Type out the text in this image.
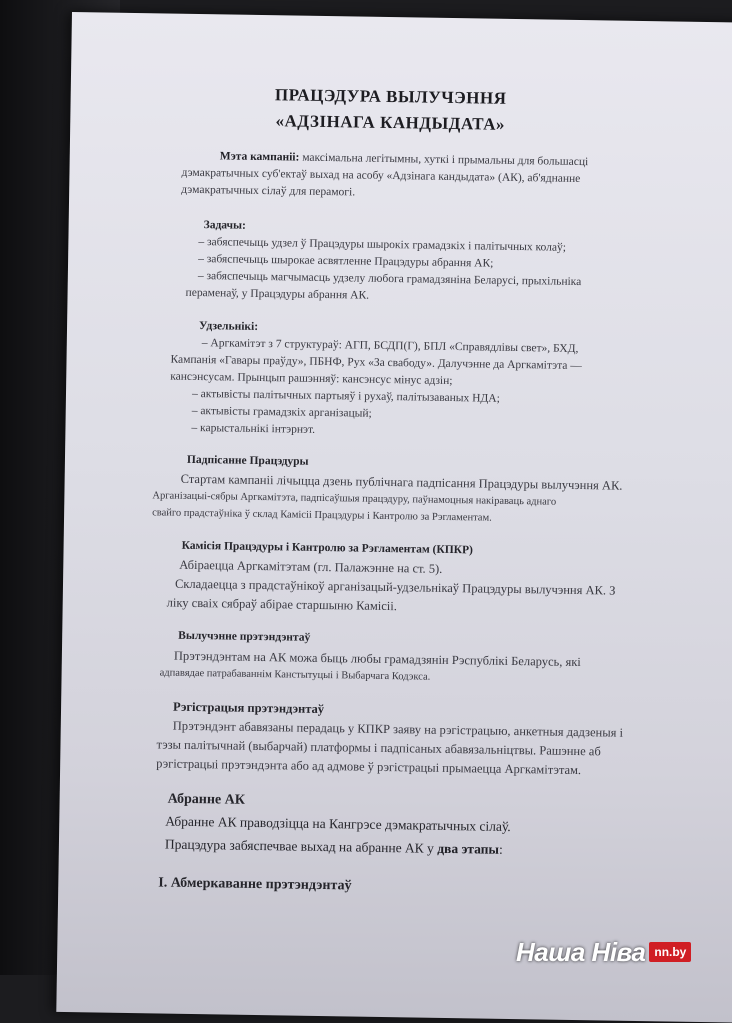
ПРАЦЭДУРА ВЫЛУЧЭННЯ
«АДЗІНАГА КАНДЫДАТА»
Мэта кампаніі: максімальна легітымны, хуткі і прымальны для большасці
дэмакратычных суб'ектаў выхад на асобу «Адзінага кандыдата» (АК), аб'яднанне
дэмакратычных сілаў для перамогі.
Задачы:
– забяспечыць удзел ў Працэдуры шырокіх грамадзкіх і палітычных колаў;
– забяспечыць шырокае асвятленне Працэдуры абрання АК;
– забяспечыць магчымасць удзелу любога грамадзяніна Беларусі, прыхільніка
пераменаў, у Працэдуры абрання АК.
Удзельнікі:
– Аргкамітэт з 7 структураў: АГП, БСДП(Г), БПЛ «Справядлівы свет», БХД,
Кампанія «Гавары праўду», ПБНФ, Рух «За свабоду». Далучэнне да Аргкамітэта —
кансэнсусам. Прынцып рашэнняў: кансэнсус мінус адзін;
– актывісты палітычных партыяў і рухаў, палітызаваных НДА;
– актывісты грамадзкіх арганізацый;
– карыстальнікі інтэрнэт.
Падпісанне Працэдуры
Стартам кампаніі лічыцца дзень публічнага падпісання Працэдуры вылучэння АК.
Арганізацыі-сябры Аргкамітэта, падпісаўшыя працэдуру, паўнамоцныя накіраваць аднаго
свайго прадстаўніка ў склад Камісіі Працэдуры і Кантролю за Рэгламентам.
Камісія Працэдуры і Кантролю за Рэгламентам (КПКР)
Абіраецца Аргкамітэтам (гл. Палажэнне на ст. 5).
Складаецца з прадстаўнікоў арганізацый-удзельнікаў Працэдуры вылучэння АК. З
ліку сваіх сябраў абірае старшыню Камісіі.
Вылучэнне прэтэндэнтаў
Прэтэндэнтам на АК можа быць любы грамадзянін Рэспублікі Беларусь, які
адпавядае патрабаваннім Канстытуцыі і Выбарчага Кодэкса.
Рэгістрацыя прэтэндэнтаў
Прэтэндэнт абавязаны перадаць у КПКР заяву на рэгістрацыю, анкетныя дадзеныя і
тэзы палітычнай (выбарчай) платформы і падпісаных абавязальніцтвы. Рашэнне аб
рэгістрацыі прэтэндэнта або ад адмове ў рэгістрацыі прымаецца Аргкамітэтам.
Абранне АК
Абранне АК праводзіцца на Кангрэсе дэмакратычных сілаў.
Працэдура забяспечвае выхад на абранне АК у два этапы:
I. Абмеркаванне прэтэндэнтаў
Наша Ніва nn.by
